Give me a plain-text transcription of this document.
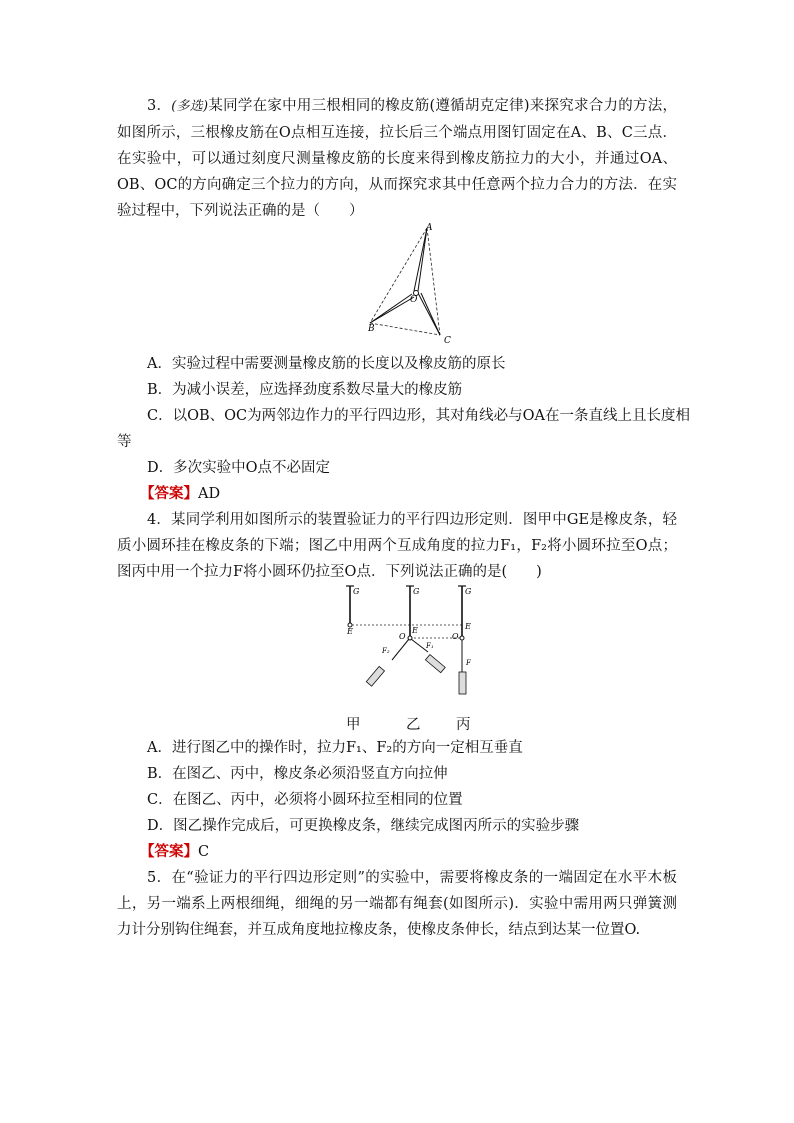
3．(多选)某同学在家中用三根相同的橡皮筋(遵循胡克定律)来探究求合力的方法，如图所示，三根橡皮筋在O点相互连接，拉长后三个端点用图钉固定在A、B、C三点．在实验中，可以通过刻度尺测量橡皮筋的长度来得到橡皮筋拉力的大小，并通过OA、OB、OC的方向确定三个拉力的方向，从而探究求其中任意两个拉力合力的方法．在实验过程中，下列说法正确的是（　　）

A
O
B
C

A．实验过程中需要测量橡皮筋的长度以及橡皮筋的原长

B．为减小误差，应选择劲度系数尽量大的橡皮筋

C．以OB、OC为两邻边作力的平行四边形，其对角线必与OA在一条直线上且长度相

等

D．多次实验中O点不必固定

【答案】AD

4．某同学利用如图所示的装置验证力的平行四边形定则．图甲中GE是橡皮条，轻质小圆环挂在橡皮条的下端；图乙中用两个互成角度的拉力F₁，F₂将小圆环拉至O点；图丙中用一个拉力F将小圆环仍拉至O点．下列说法正确的是(　　)

G
E
G
E
O
F₂
F₁
G
E
O
F
甲	乙 丙

A．进行图乙中的操作时，拉力F₁、F₂的方向一定相互垂直

B．在图乙、丙中，橡皮条必须沿竖直方向拉伸

C．在图乙、丙中，必须将小圆环拉至相同的位置

D．图乙操作完成后，可更换橡皮条，继续完成图丙所示的实验步骤

【答案】C

5．在“验证力的平行四边形定则”的实验中，需要将橡皮条的一端固定在水平木板上，另一端系上两根细绳，细绳的另一端都有绳套(如图所示)．实验中需用两只弹簧测力计分别钩住绳套，并互成角度地拉橡皮条，使橡皮条伸长，结点到达某一位置O.
